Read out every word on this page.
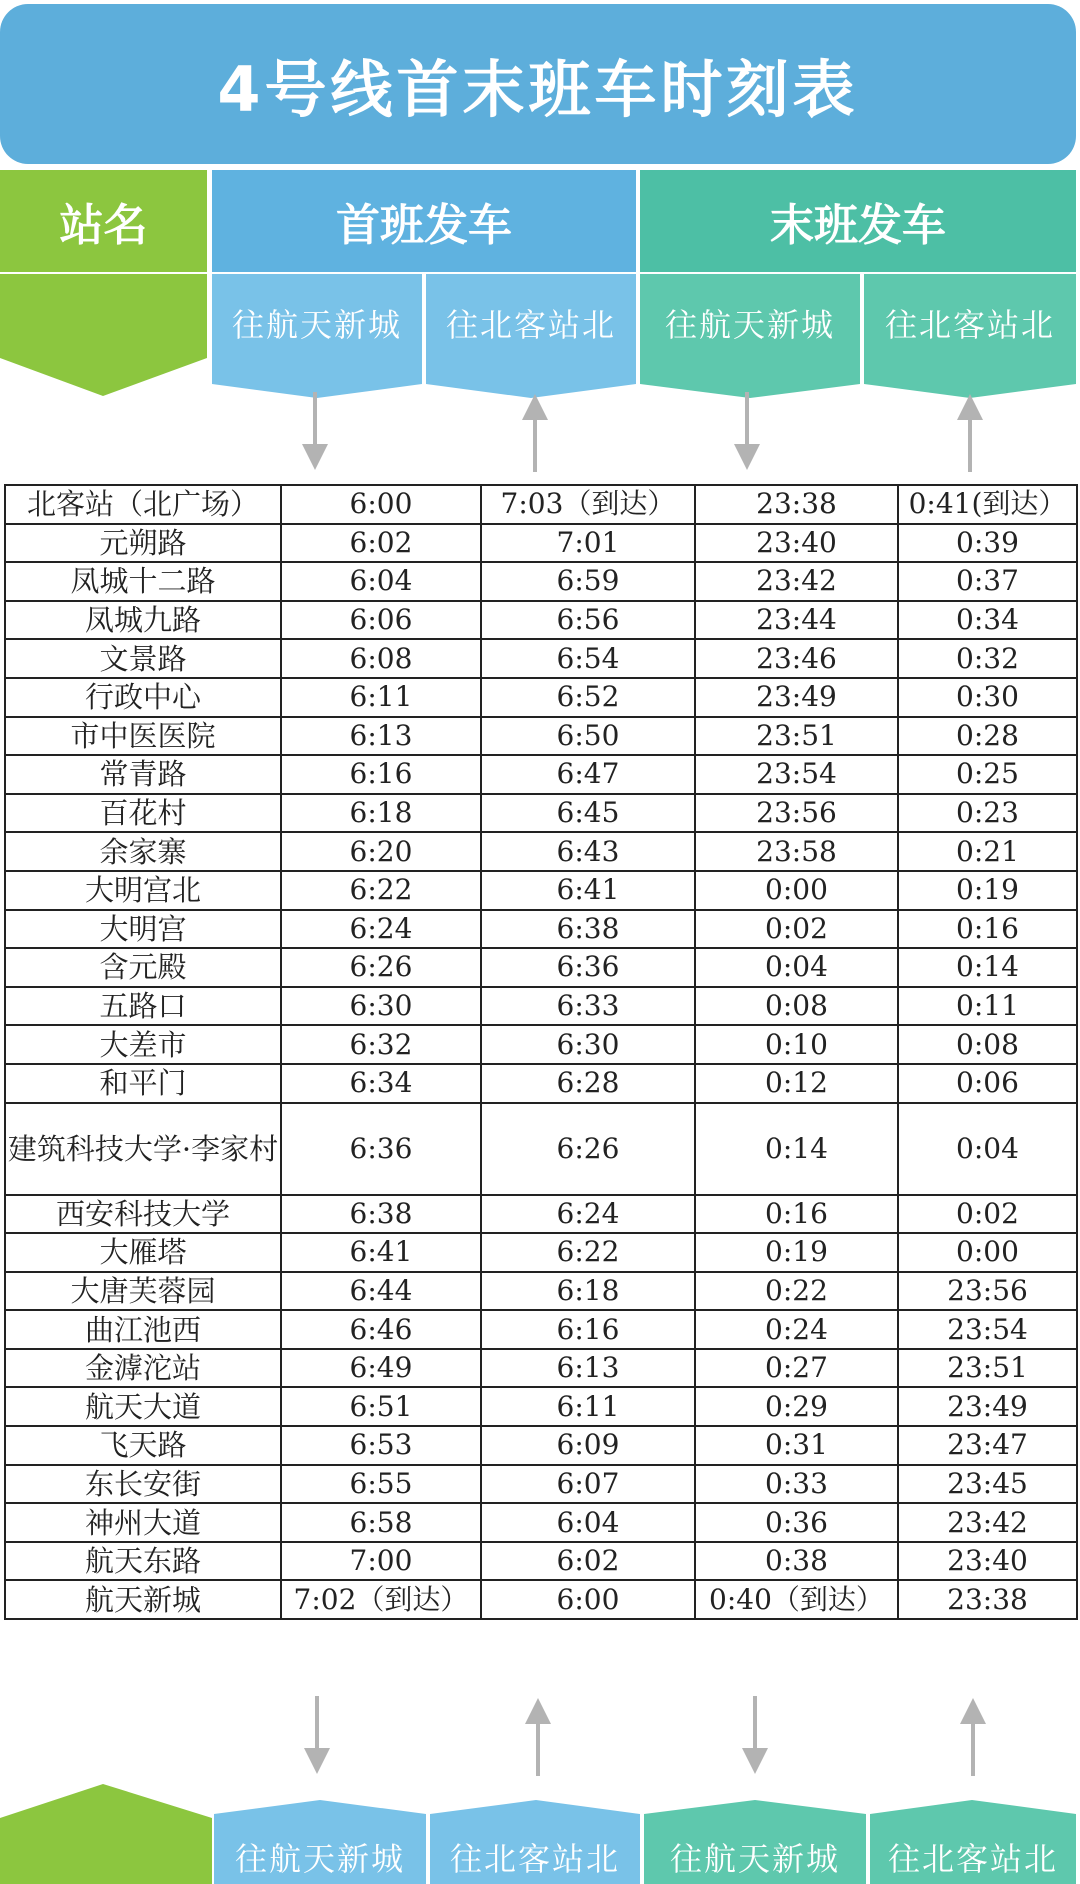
4号线首末班车时刻表
站名	首班发车	末班发车
往航天新城	往北客站北	往航天新城	往北客站北
北客站（北广场）	6:00	7:03（到达）	23:38	0:41(到达）
元朔路	6:02	7:01	23:40	0:39
凤城十二路	6:04	6:59	23:42	0:37
凤城九路	6:06	6:56	23:44	0:34
文景路	6:08	6:54	23:46	0:32
行政中心	6:11	6:52	23:49	0:30
市中医医院	6:13	6:50	23:51	0:28
常青路	6:16	6:47	23:54	0:25
百花村	6:18	6:45	23:56	0:23
余家寨	6:20	6:43	23:58	0:21
大明宫北	6:22	6:41	0:00	0:19
大明宫	6:24	6:38	0:02	0:16
含元殿	6:26	6:36	0:04	0:14
五路口	6:30	6:33	0:08	0:11
大差市	6:32	6:30	0:10	0:08
和平门	6:34	6:28	0:12	0:06
建筑科技大学·李家村	6:36	6:26	0:14	0:04
西安科技大学	6:38	6:24	0:16	0:02
大雁塔	6:41	6:22	0:19	0:00
大唐芙蓉园	6:44	6:18	0:22	23:56
曲江池西	6:46	6:16	0:24	23:54
金滹沱站	6:49	6:13	0:27	23:51
航天大道	6:51	6:11	0:29	23:49
飞天路	6:53	6:09	0:31	23:47
东长安街	6:55	6:07	0:33	23:45
神州大道	6:58	6:04	0:36	23:42
航天东路	7:00	6:02	0:38	23:40
航天新城	7:02（到达）	6:00	0:40（到达）	23:38
往航天新城	往北客站北	往航天新城	往北客站北
